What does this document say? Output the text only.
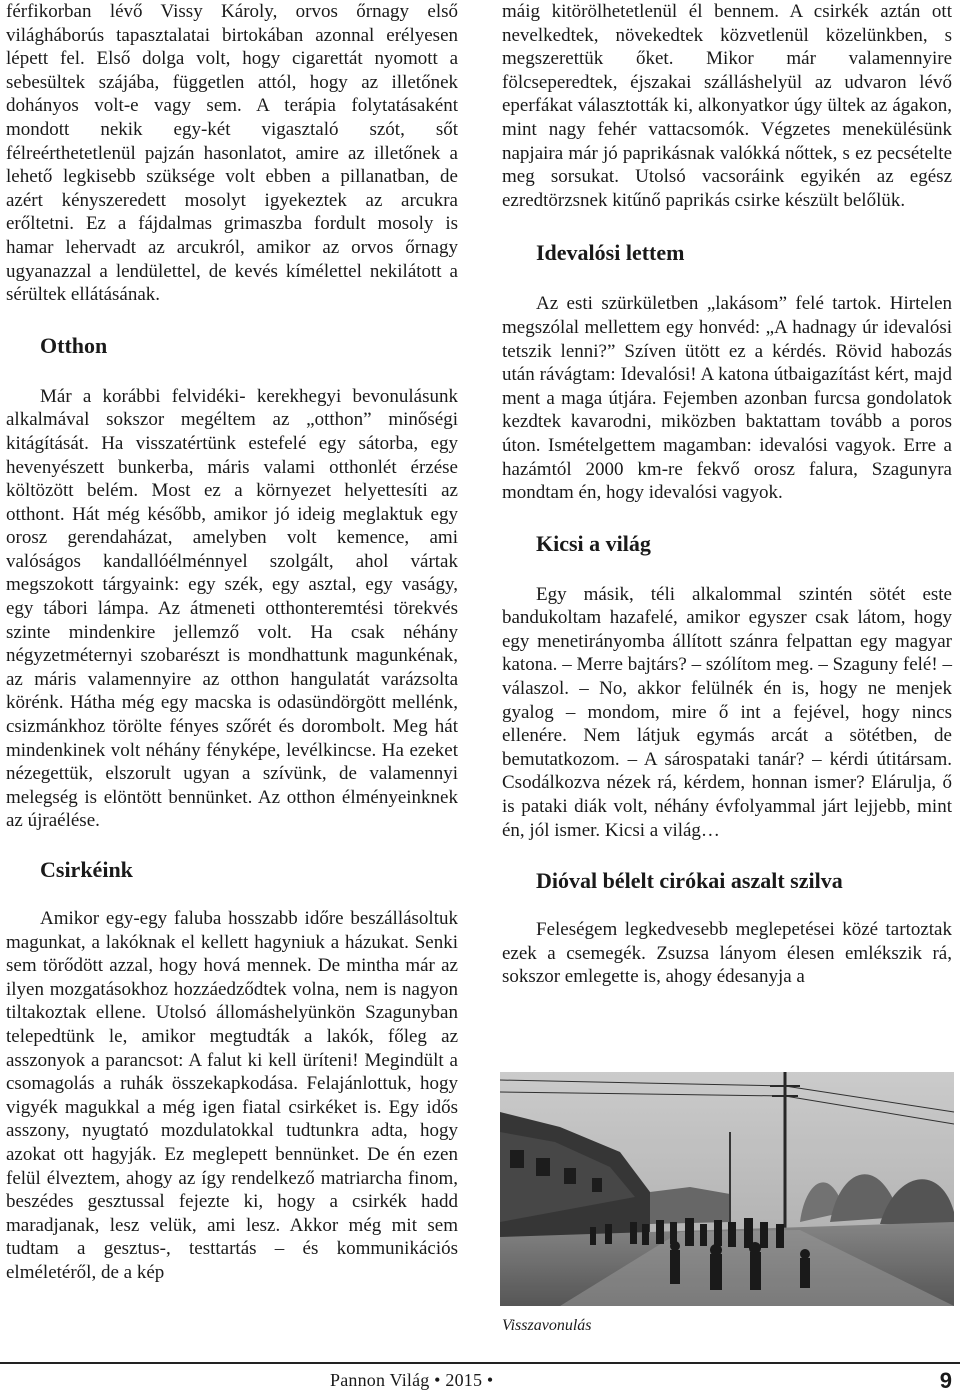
férfikorban lévő Vissy Károly, orvos őrnagy első világháborús tapasztalatai birtokában azonnal erélyesen lépett fel. Első dolga volt, hogy cigarettát nyomott a sebesültek szájába, független attól, hogy az illetőnek dohányos volt-e vagy sem. A terápia folytatásaként mondott nekik egy-két vigasztaló szót, sőt félreérthetetlenül pajzán hasonlatot, amire az illetőnek a lehető legkisebb szüksége volt ebben a pillanatban, de azért kényszeredett mosolyt igyekeztek az arcukra erőltetni. Ez a fájdalmas grimaszba fordult mosoly is hamar lehervadt az arcukról, amikor az orvos őrnagy ugyanazzal a lendülettel, de kevés kímélettel nekilátott a sérültek ellátásának.

Otthon

Már a korábbi felvidéki- kerekhegyi bevonulásunk alkalmával sokszor megéltem az „otthon” minőségi kitágítását. Ha visszatértünk estefelé egy sátorba, egy hevenyészett bunkerba, máris valami otthonlét érzése költözött belém. Most ez a környezet helyettesíti az otthont. Hát még később, amikor jó ideig meglaktuk egy orosz gerendaházat, amelyben volt kemence, ami valóságos kandallóélménnyel szolgált, ahol vártak megszokott tárgyaink: egy szék, egy asztal, egy vaságy, egy tábori lámpa. Az átmeneti otthonteremtési törekvés szinte mindenkire jellemző volt. Ha csak néhány négyzetméternyi szobarészt is mondhattunk magunkénak, az máris valamennyire az otthon hangulatát varázsolta körénk. Hátha még egy macska is odasündörgött mellénk, csizmánkhoz törölte fényes szőrét és dorombolt. Meg hát mindenkinek volt néhány fényképe, levélkincse. Ha ezeket nézegettük, elszorult ugyan a szívünk, de valamennyi melegség is elöntött bennünket. Az otthon élményeinknek az újraélése.

Csirkéink

Amikor egy-egy faluba hosszabb időre beszállásoltuk magunkat, a lakóknak el kellett hagyniuk a házukat. Senki sem törődött azzal, hogy hová mennek. De mintha már az ilyen mozgatásokhoz hozzáedződtek volna, nem is nagyon tiltakoztak ellene. Utolsó állomáshelyünkön Szagunyban telepedtünk le, amikor megtudták a lakók, főleg az asszonyok a parancsot: A falut ki kell üríteni! Megindült a csomagolás a ruhák összekapkodása. Felajánlottuk, hogy vigyék magukkal a még igen fiatal csirkéket is. Egy idős asszony, nyugtató mozdulatokkal tudtunkra adta, hogy azokat ott hagyják. Ez meglepett bennünket. De én ezen felül élveztem, ahogy az így rendelkező matriarcha finom, beszédes gesztussal fejezte ki, hogy a csirkék hadd maradjanak, lesz velük, ami lesz. Akkor még mit sem tudtam a gesztus-, testtartás – és kommunikációs elméletéről, de a kép

máig kitörölhetetlenül él bennem. A csirkék aztán ott nevelkedtek, növekedtek közvetlenül közelünkben, s megszerettük őket. Mikor már valamennyire fölcseperedtek, éjszakai szálláshelyül az udvaron lévő eperfákat választották ki, alkonyatkor úgy ültek az ágakon, mint nagy fehér vattacsomók. Végzetes menekülésünk napjaira már jó paprikásnak valókká nőttek, s ez pecsételte meg sorsukat. Utolsó vacsoráink egyikén az egész ezredtörzsnek kitűnő paprikás csirke készült belőlük.

Idevalósi lettem

Az esti szürkületben „lakásom” felé tartok. Hirtelen megszólal mellettem egy honvéd: „A hadnagy úr idevalósi tetszik lenni?” Szíven ütött ez a kérdés. Rövid habozás után rávágtam: Idevalósi! A katona útbaigazítást kért, majd ment a maga útjára. Fejemben azonban furcsa gondolatok kezdtek kavarodni, miközben baktattam tovább a poros úton. Ismételgettem magamban: idevalósi vagyok. Erre a hazámtól 2000 km-re fekvő orosz falura, Szagunyra mondtam én, hogy idevalósi vagyok.

Kicsi a világ

Egy másik, téli alkalommal szintén sötét este bandukoltam hazafelé, amikor egyszer csak látom, hogy egy menetirányomba állított szánra felpattan egy magyar katona. – Merre bajtárs? – szólítom meg. – Szaguny felé! – válaszol. – No, akkor felülnék én is, hogy ne menjek gyalog – mondom, mire ő int a fejével, hogy nincs ellenére. Nem látjuk egymás arcát a sötétben, de bemutatkozom. – A sárospataki tanár? – kérdi útitársam. Csodálkozva nézek rá, kérdem, honnan ismer? Elárulja, ő is pataki diák volt, néhány évfolyammal járt lejjebb, mint én, jól ismer. Kicsi a világ…

Dióval bélelt cirókai aszalt szilva

Feleségem legkedvesebb meglepetései közé tartoztak ezek a csemegék. Zsuzsa lányom élesen emlékszik rá, sokszor emlegette is, ahogy édesanyja a

Visszavonulás
Pannon Világ • 2015 •	9
